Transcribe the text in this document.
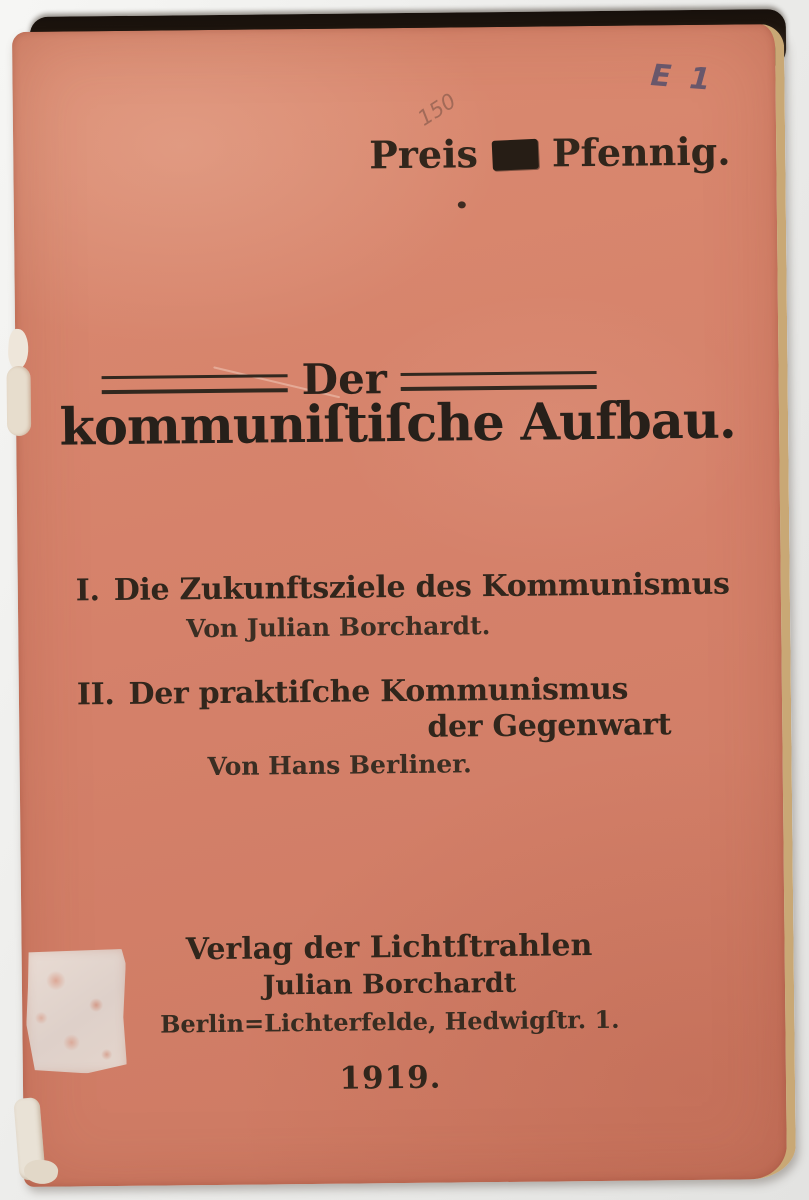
E 1
150
Preis Pfennig.
Der
kommuniſtiſche Aufbau.
I. Die Zukunftsziele des Kommunismus
Von Julian Borchardt.
II. Der praktiſche Kommunismus
der Gegenwart
Von Hans Berliner.
Verlag der Lichtſtrahlen
Julian Borchardt
Berlin=Lichterfelde, Hedwigſtr. 1.
1919.
